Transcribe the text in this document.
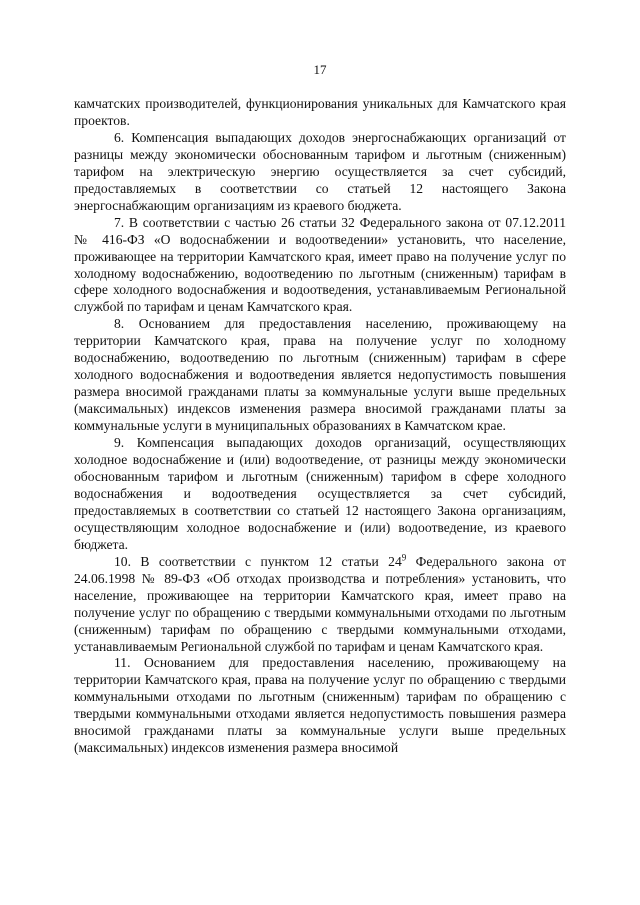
17

камчатских производителей, функционирования уникальных для Камчатского края проектов.

6. Компенсация выпадающих доходов энергоснабжающих организаций от разницы между экономически обоснованным тарифом и льготным (сниженным) тарифом на электрическую энергию осуществляется за счет субсидий, предоставляемых в соответствии со статьей 12 настоящего Закона энергоснабжающим организациям из краевого бюджета.

7. В соответствии с частью 26 статьи 32 Федерального закона от 07.12.2011 № 416-ФЗ «О водоснабжении и водоотведении» установить, что население, проживающее на территории Камчатского края, имеет право на получение услуг по холодному водоснабжению, водоотведению по льготным (сниженным) тарифам в сфере холодного водоснабжения и водоотведения, устанавливаемым Региональной службой по тарифам и ценам Камчатского края.

8. Основанием для предоставления населению, проживающему на территории Камчатского края, права на получение услуг по холодному водоснабжению, водоотведению по льготным (сниженным) тарифам в сфере холодного водоснабжения и водоотведения является недопустимость повышения размера вносимой гражданами платы за коммунальные услуги выше предельных (максимальных) индексов изменения размера вносимой гражданами платы за коммунальные услуги в муниципальных образованиях в Камчатском крае.

9. Компенсация выпадающих доходов организаций, осуществляющих холодное водоснабжение и (или) водоотведение, от разницы между экономически обоснованным тарифом и льготным (сниженным) тарифом в сфере холодного водоснабжения и водоотведения осуществляется за счет субсидий, предоставляемых в соответствии со статьей 12 настоящего Закона организациям, осуществляющим холодное водоснабжение и (или) водоотведение, из краевого бюджета.

10. В соответствии с пунктом 12 статьи $24^9$ Федерального закона от 24.06.1998 № 89-ФЗ «Об отходах производства и потребления» установить, что население, проживающее на территории Камчатского края, имеет право на получение услуг по обращению с твердыми коммунальными отходами по льготным (сниженным) тарифам по обращению с твердыми коммунальными отходами, устанавливаемым Региональной службой по тарифам и ценам Камчатского края.

11. Основанием для предоставления населению, проживающему на территории Камчатского края, права на получение услуг по обращению с твердыми коммунальными отходами по льготным (сниженным) тарифам по обращению с твердыми коммунальными отходами является недопустимость повышения размера вносимой гражданами платы за коммунальные услуги выше предельных (максимальных) индексов изменения размера вносимой
